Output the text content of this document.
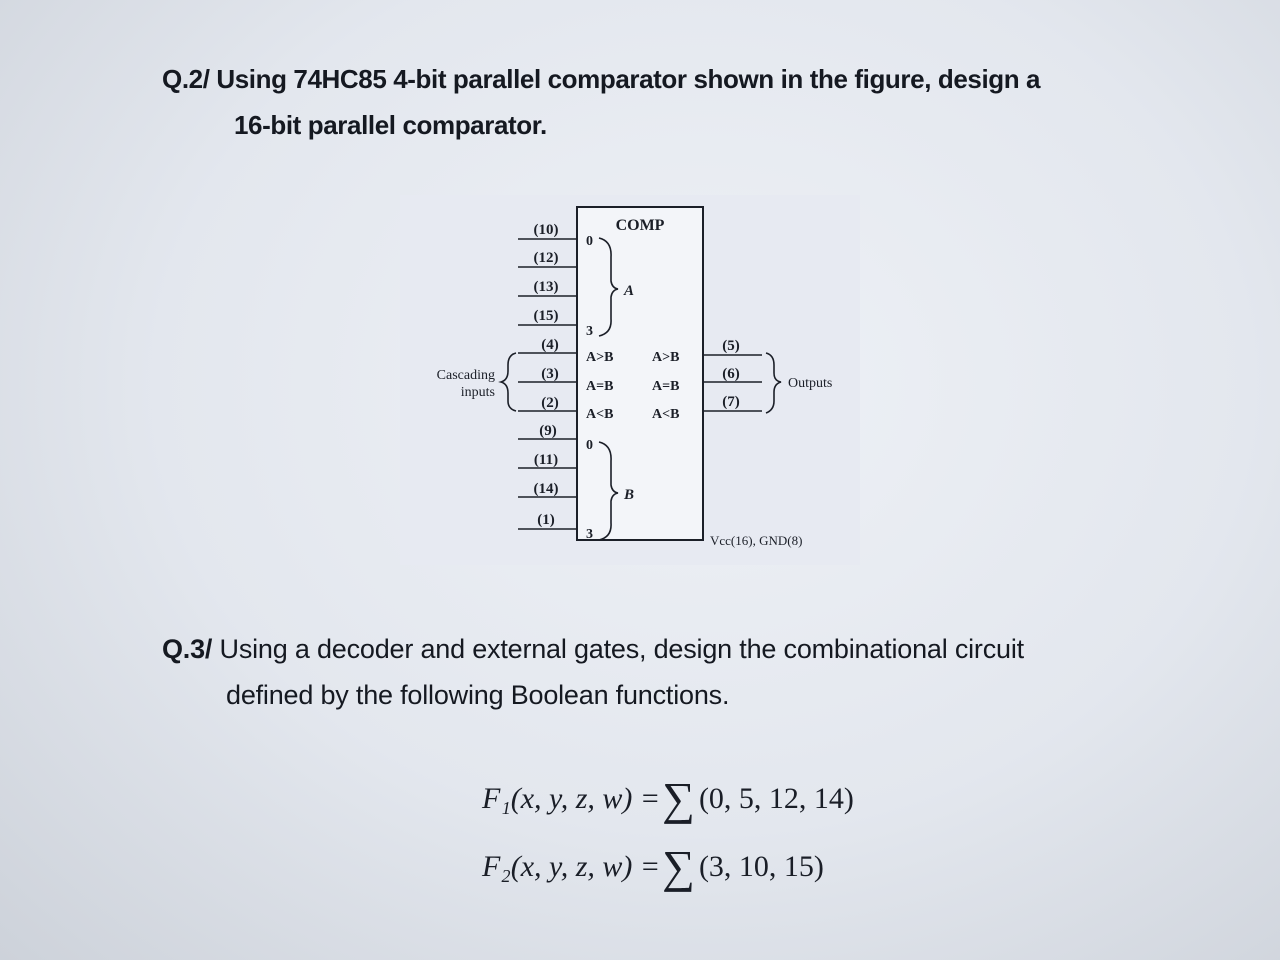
Q.2/ Using 74HC85 4-bit parallel comparator shown in the figure, design a

16-bit parallel comparator.

COMP
(10)
(12)
(13)
(15)
(4)
(3)
(2)
(9)
(11)
(14)
(1)
(5)
(6)
(7)
0
3
0
3
A
B
A>B
A=B
A<B
A>B
A=B
A<B
Cascading
inputs
Outputs
Vcc(16), GND(8)

Q.3/ Using a decoder and external gates, design the combinational circuit

defined by the following Boolean functions.

F₁(x, y, z, w) =∑ (0, 5, 12, 14)
F₂(x, y, z, w) =∑ (3, 10, 15)
